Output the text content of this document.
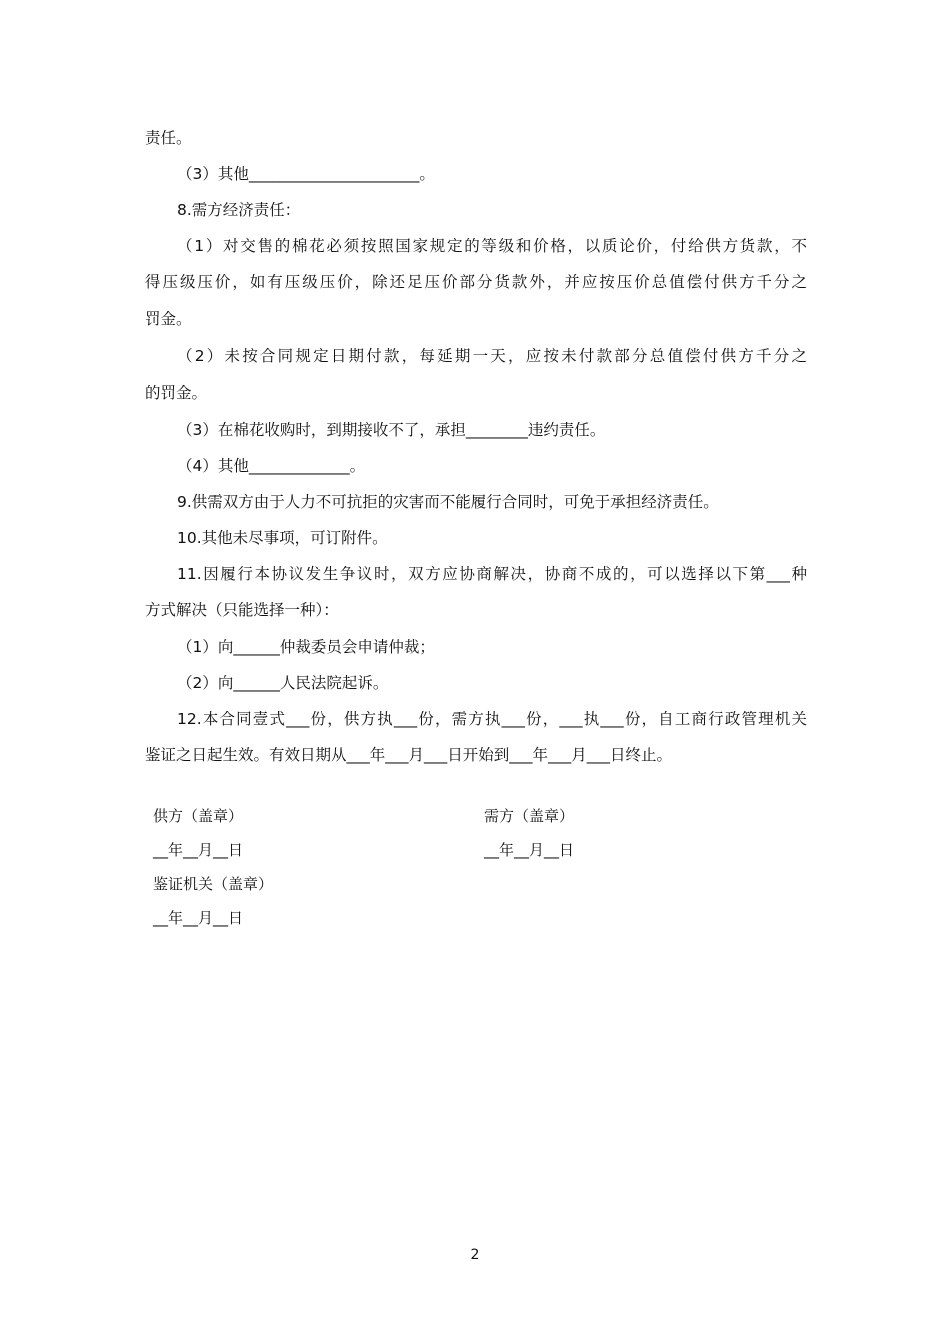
责任。
（3）其他______________________。
8.需方经济责任：
（1）对交售的棉花必须按照国家规定的等级和价格，以质论价，付给供方货款，不
得压级压价，如有压级压价，除还足压价部分货款外，并应按压价总值偿付供方千分之
罚金。
（2）未按合同规定日期付款，每延期一天，应按未付款部分总值偿付供方千分之
的罚金。
（3）在棉花收购时，到期接收不了，承担________违约责任。
（4）其他_____________。
9.供需双方由于人力不可抗拒的灾害而不能履行合同时，可免于承担经济责任。
10.其他未尽事项，可订附件。
11.因履行本协议发生争议时，双方应协商解决，协商不成的，可以选择以下第___种
方式解决（只能选择一种）：
（1）向______仲裁委员会申请仲裁；
（2）向______人民法院起诉。
12.本合同壹式___份，供方执___份，需方执___份，___执___份，自工商行政管理机关
鉴证之日起生效。有效日期从___年___月___日开始到___年___月___日终止。
供方（盖章）
__年__月__日
需方（盖章）
__年__月__日
鉴证机关（盖章）
__年__月__日
2
